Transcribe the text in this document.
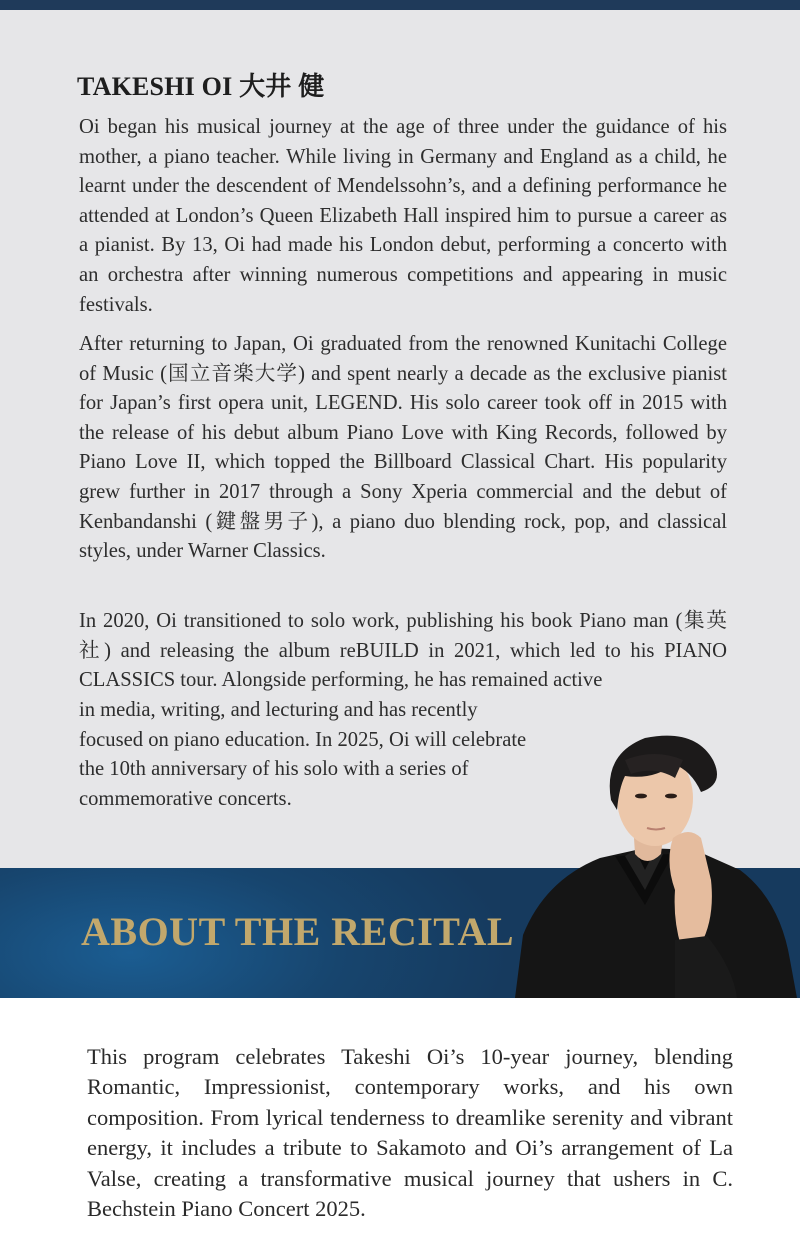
TAKESHI OI 大井 健

Oi began his musical journey at the age of three under the guidance of his mother, a piano teacher. While living in Germany and England as a child, he learnt under the descendent of Mendelssohn’s, and a defining performance he attended at London’s Queen Elizabeth Hall inspired him to pursue a career as a pianist. By 13, Oi had made his London debut, performing a concerto with an orchestra after winning numerous competitions and appearing in music festivals.

After returning to Japan, Oi graduated from the renowned Kunitachi College of Music (国立音楽大学) and spent nearly a decade as the exclusive pianist for Japan’s first opera unit, LEGEND. His solo career took off in 2015 with the release of his debut album Piano Love with King Records, followed by Piano Love II, which topped the Billboard Classical Chart. His popularity grew further in 2017 through a Sony Xperia commercial and the debut of Kenbandanshi (鍵盤男子), a piano duo blending rock, pop, and classical styles, under Warner Classics.

In 2020, Oi transitioned to solo work, publishing his book Piano man (集英社) and releasing the album reBUILD in 2021, which led to his PIANO CLASSICS tour. Alongside performing, he has remained active

in media, writing, and lecturing and has recently focused on piano education. In 2025, Oi will celebrate the 10th anniversary of his solo with a series of commemorative concerts.

ABOUT THE RECITAL

This program celebrates Takeshi Oi’s 10-year journey, blending Romantic, Impressionist, contemporary works, and his own composition. From lyrical tenderness to dreamlike serenity and vibrant energy, it includes a tribute to Sakamoto and Oi’s arrangement of La Valse, creating a transformative musical journey that ushers in C. Bechstein Piano Concert 2025.
